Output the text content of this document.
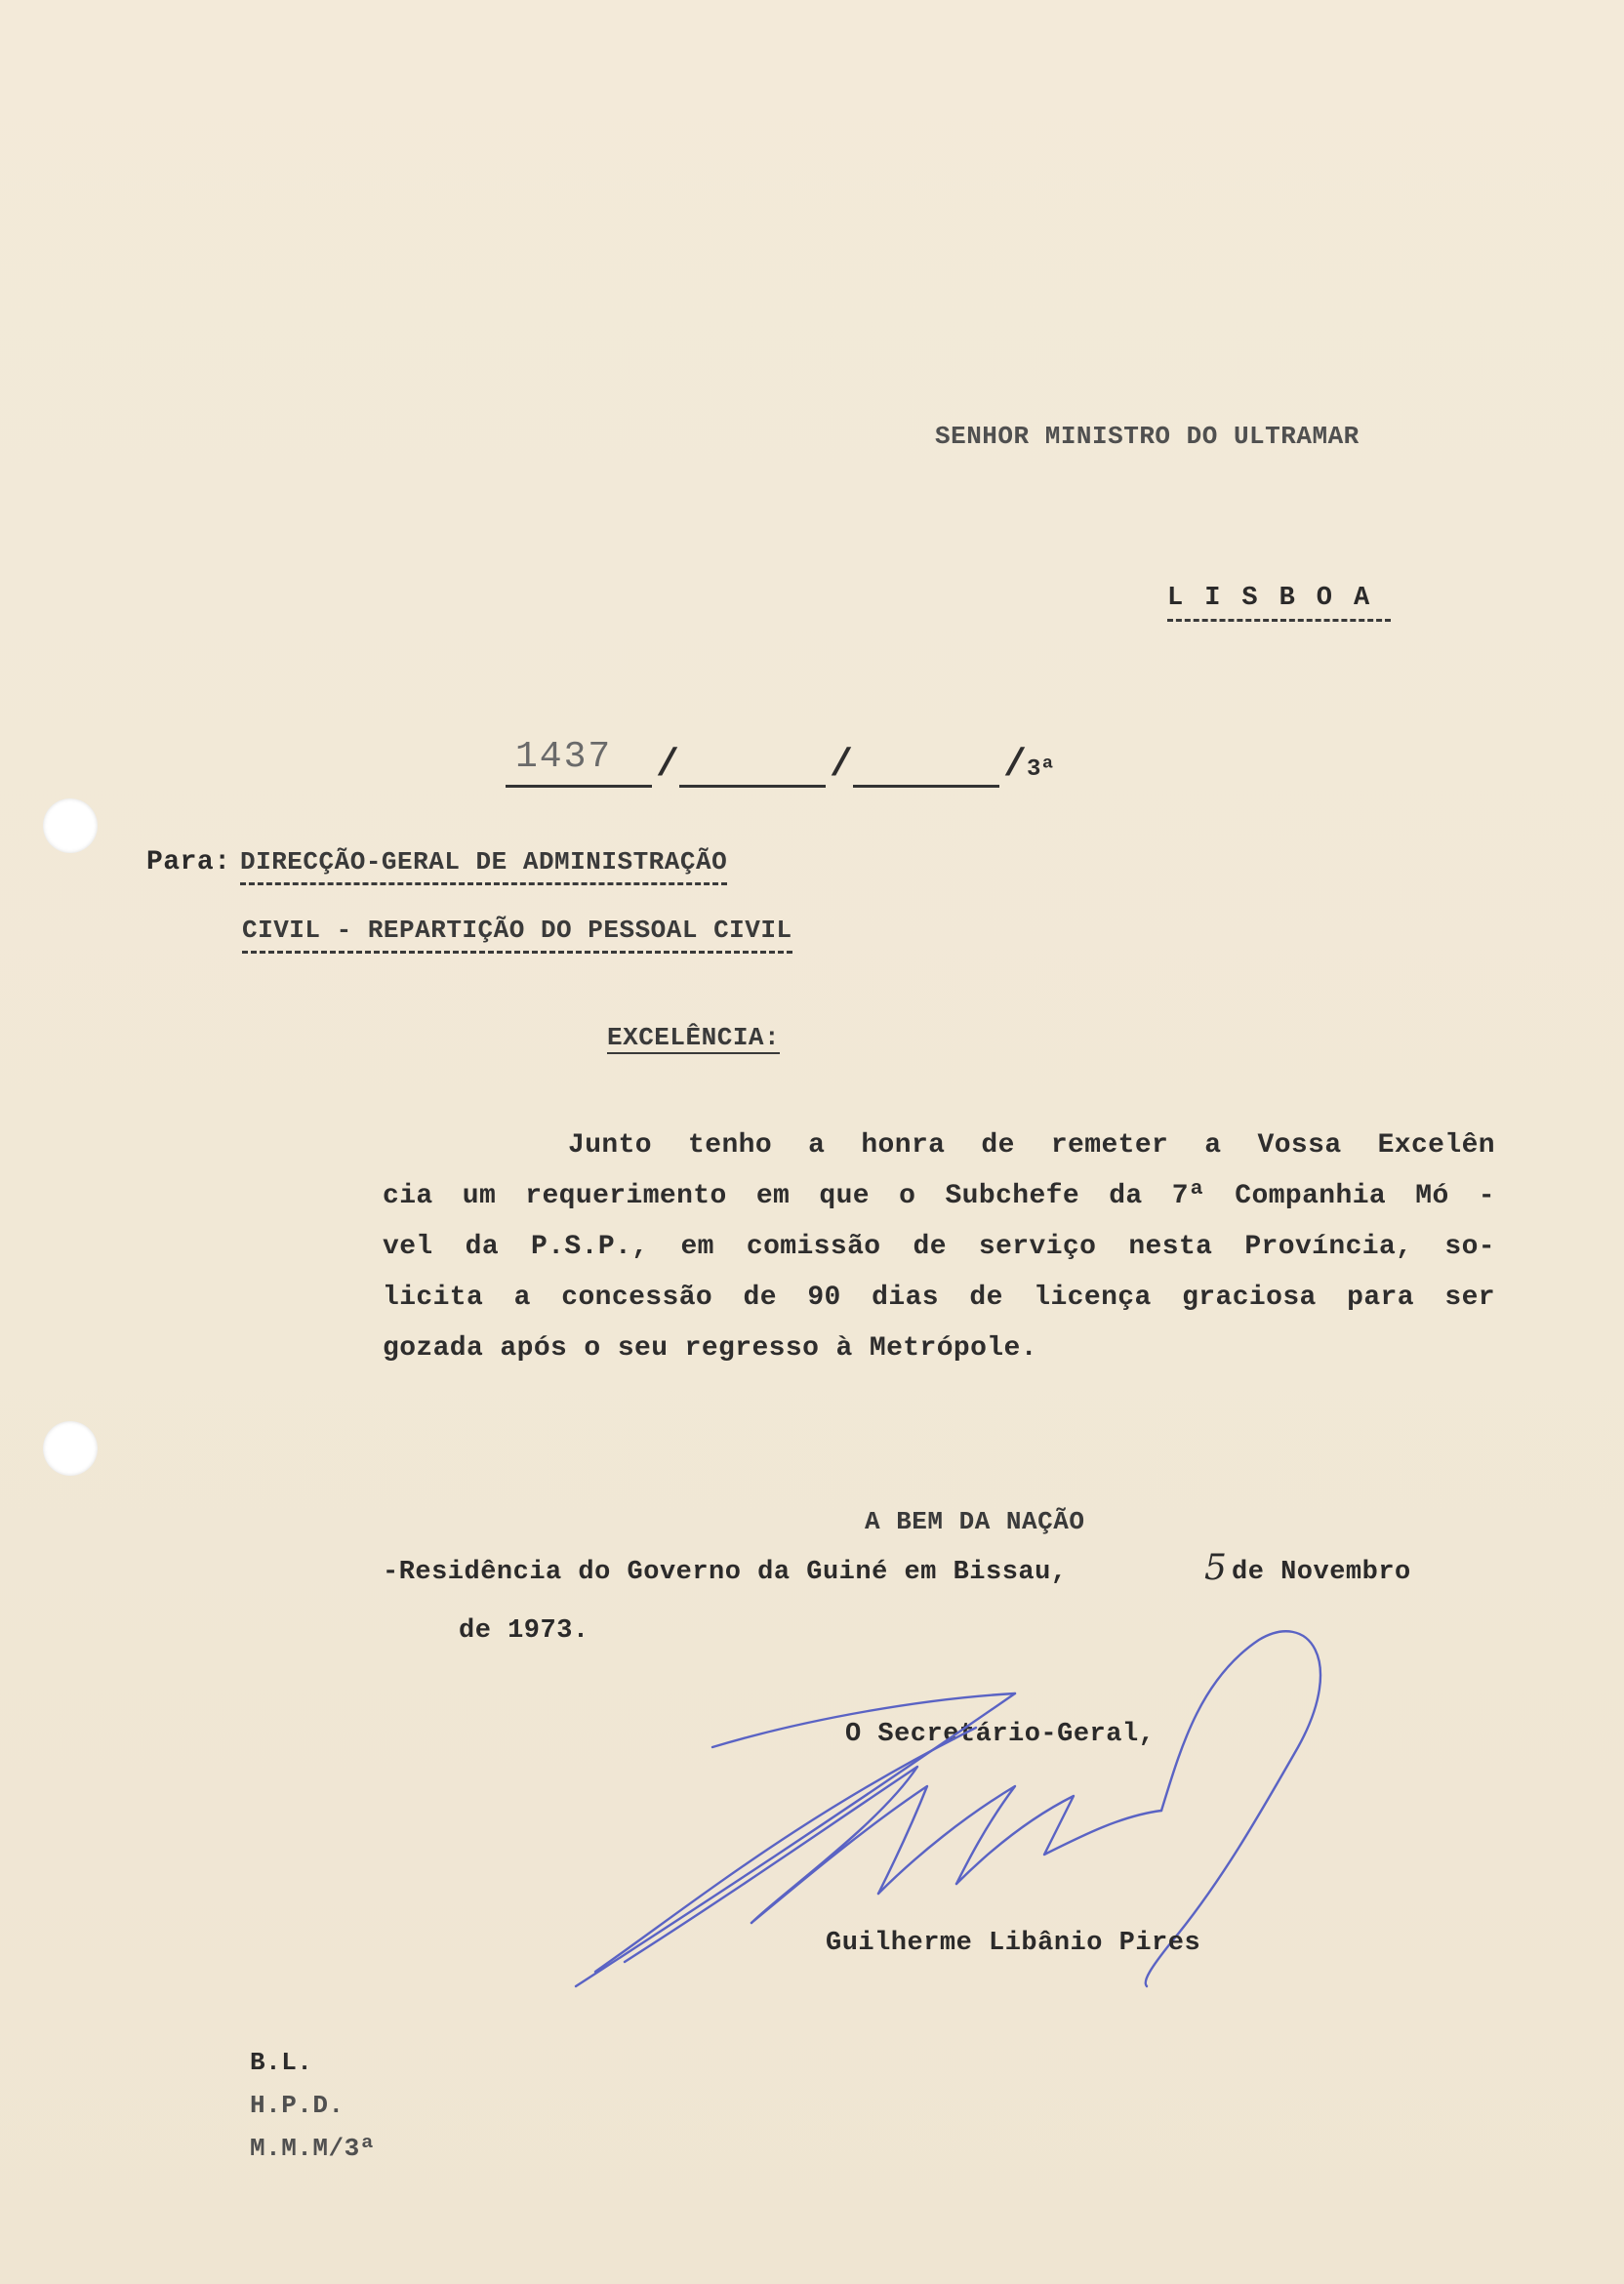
SENHOR MINISTRO DO ULTRAMAR
LISBOA
1437 /	/	/3ª
Para: DIRECÇÃO-GERAL DE ADMINISTRAÇÃO
CIVIL - REPARTIÇÃO DO PESSOAL CIVIL
EXCELÊNCIA:
Junto tenho a honra de remeter a Vossa Excelên
cia um requerimento em que o Subchefe da 7ª Companhia Mó -
vel da P.S.P., em comissão de serviço nesta Província, so-
licita a concessão de 90 dias de licença graciosa para ser
gozada após o seu regresso à Metrópole.
A BEM DA NAÇÃO
-Residência do Governo da Guiné em Bissau,	5 de Novembro
de 1973.
O Secretário-Geral,
Guilherme Libânio Pires
B.L.
H.P.D.
M.M.M/3ª
